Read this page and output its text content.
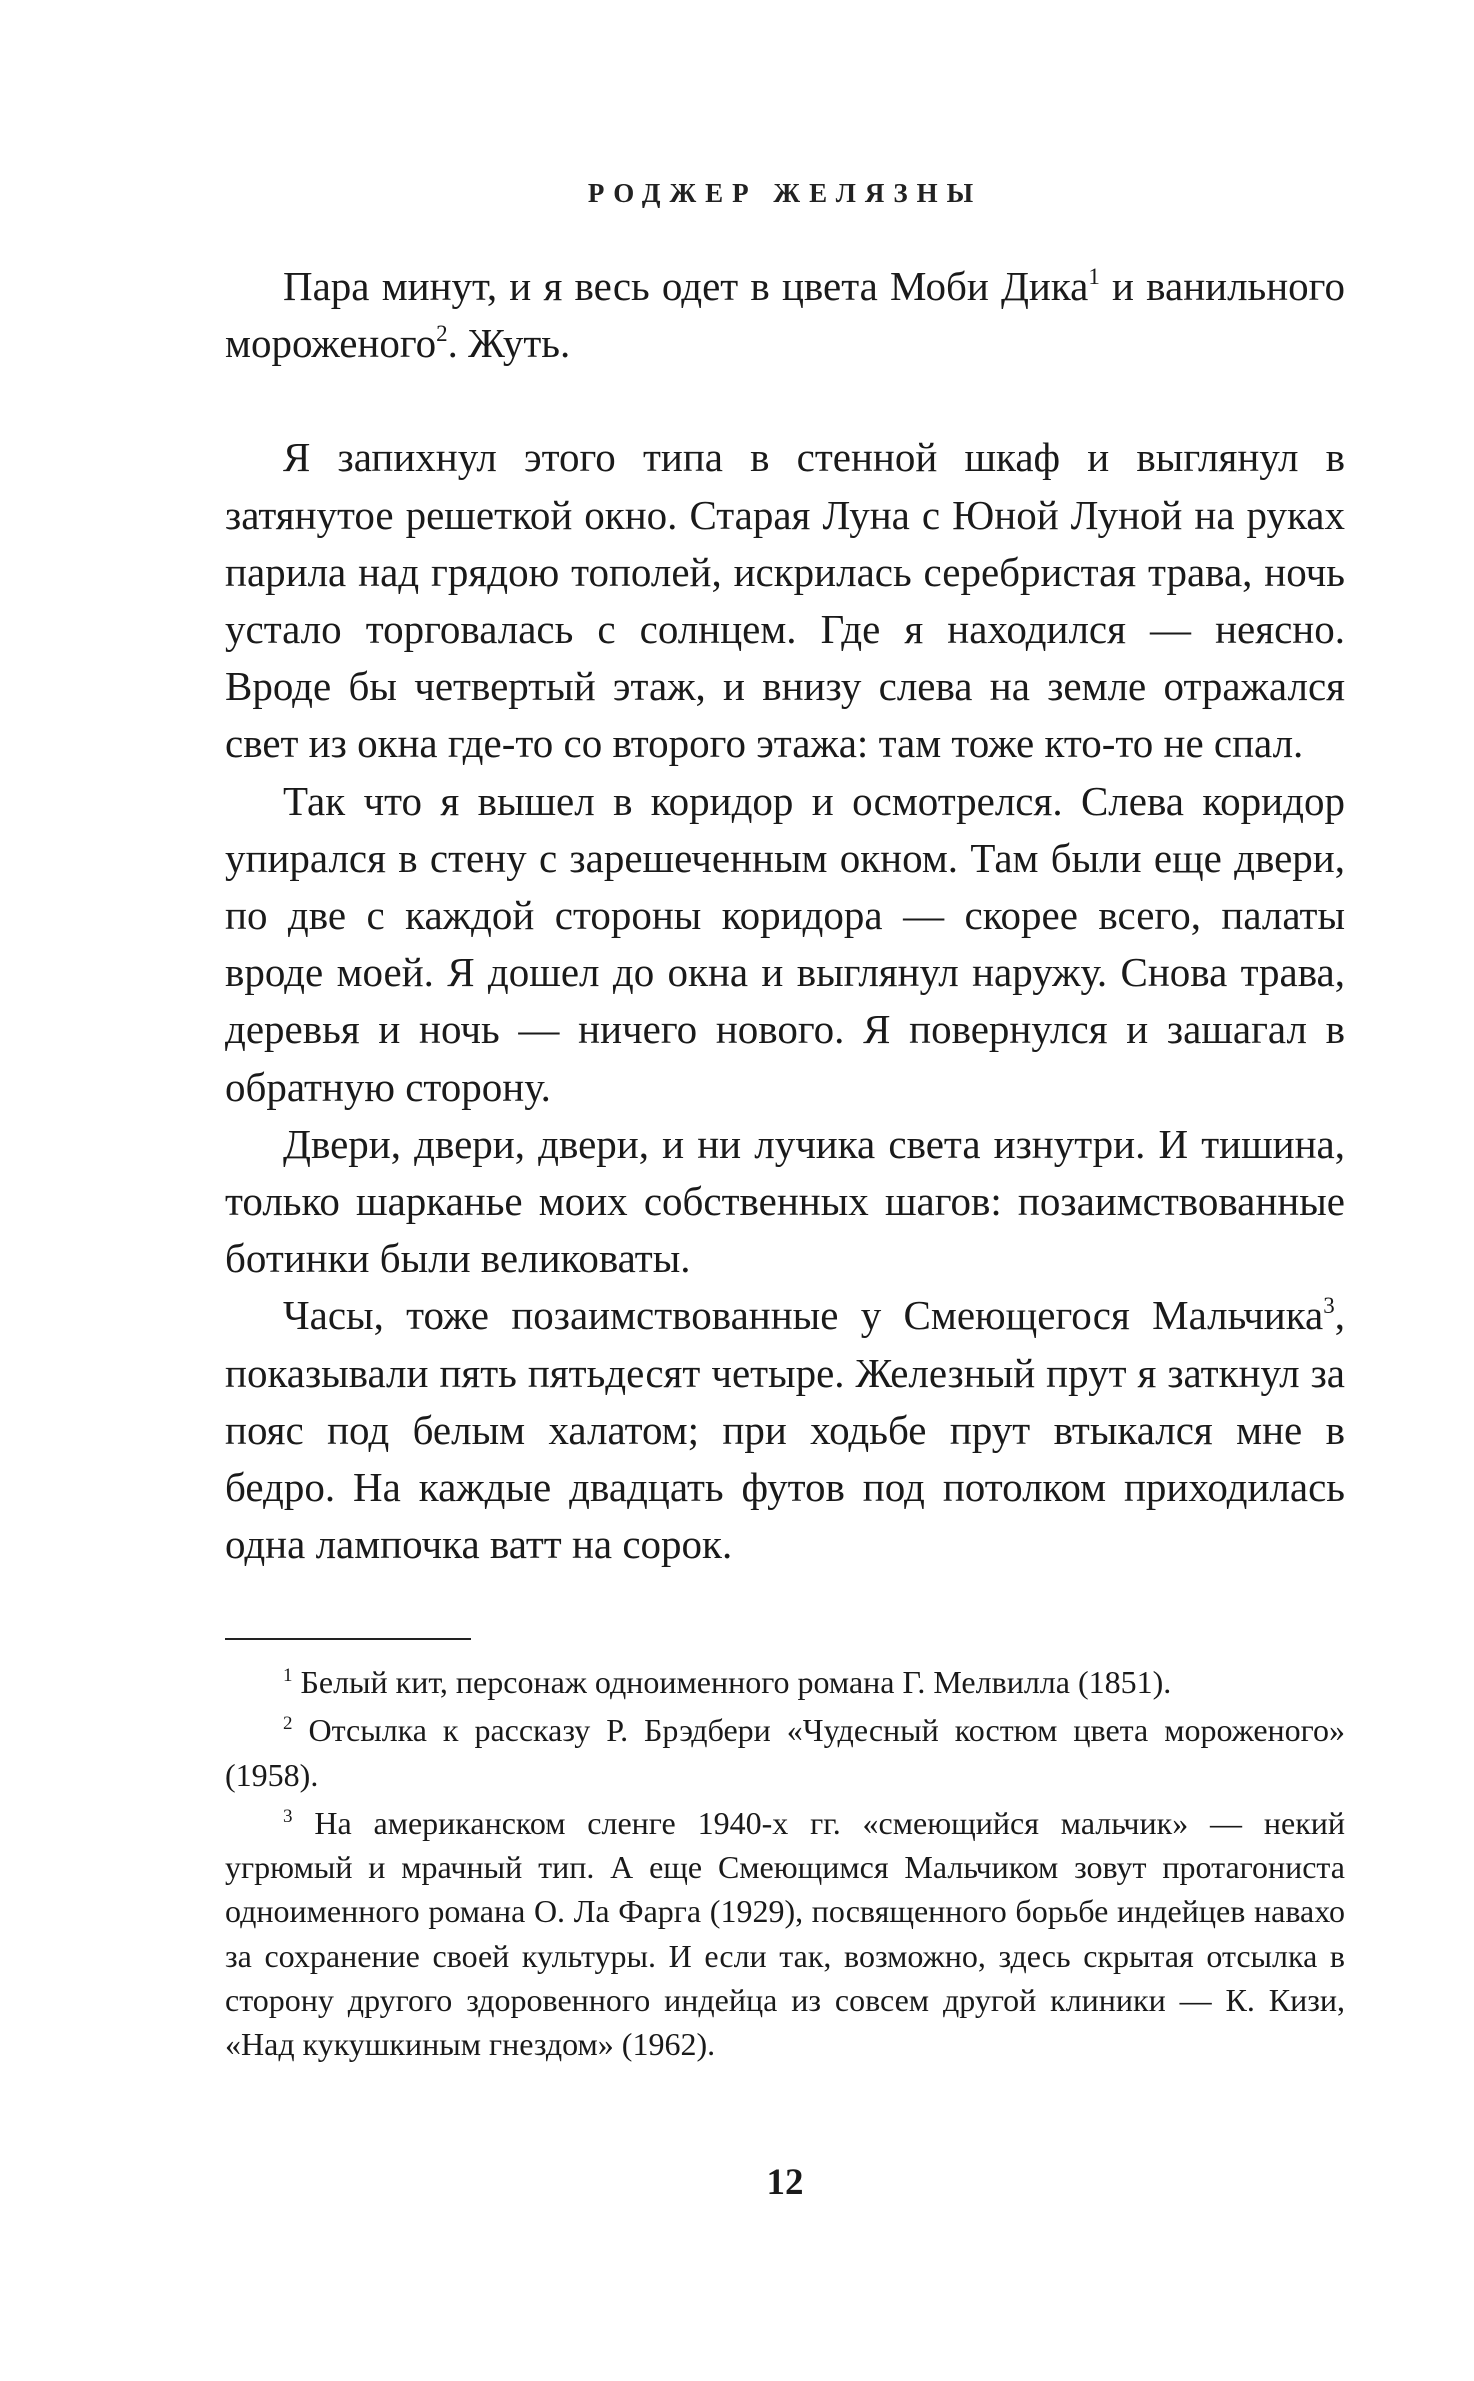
РОДЖЕР ЖЕЛЯЗНЫ

Пара минут, и я весь одет в цвета Моби Дика$^1$ и ванильного мороженого$^2$. Жуть.

Я запихнул этого типа в стенной шкаф и выглянул в затянутое решеткой окно. Старая Луна с Юной Луной на руках парила над грядою тополей, искрилась серебристая трава, ночь устало торговалась с солнцем. Где я находился — неясно. Вроде бы четвертый этаж, и внизу слева на земле отражался свет из окна где-то со второго этажа: там тоже кто-то не спал.

Так что я вышел в коридор и осмотрелся. Слева коридор упирался в стену с зарешеченным окном. Там были еще двери, по две с каждой стороны коридора — скорее всего, палаты вроде моей. Я дошел до окна и выглянул наружу. Снова трава, деревья и ночь — ничего нового. Я повернулся и зашагал в обратную сторону.

Двери, двери, двери, и ни лучика света изнутри. И тишина, только шарканье моих собственных шагов: позаимствованные ботинки были великоваты.

Часы, тоже позаимствованные у Смеющегося Мальчика$^3$, показывали пять пятьдесят четыре. Железный прут я заткнул за пояс под белым халатом; при ходьбе прут втыкался мне в бедро. На каждые двадцать футов под потолком приходилась одна лампочка ватт на сорок.

$^1$ Белый кит, персонаж одноименного романа Г. Мелвилла (1851).

$^2$ Отсылка к рассказу Р. Брэдбери «Чудесный костюм цвета мороженого» (1958).

$^3$ На американском сленге 1940-х гг. «смеющийся мальчик» — некий угрюмый и мрачный тип. А еще Смеющимся Мальчиком зовут протагониста одноименного романа О. Ла Фарга (1929), посвященного борьбе индейцев навахо за сохранение своей культуры. И если так, возможно, здесь скрытая отсылка в сторону другого здоровенного индейца из совсем другой клиники — К. Кизи, «Над кукушкиным гнездом» (1962).

12
